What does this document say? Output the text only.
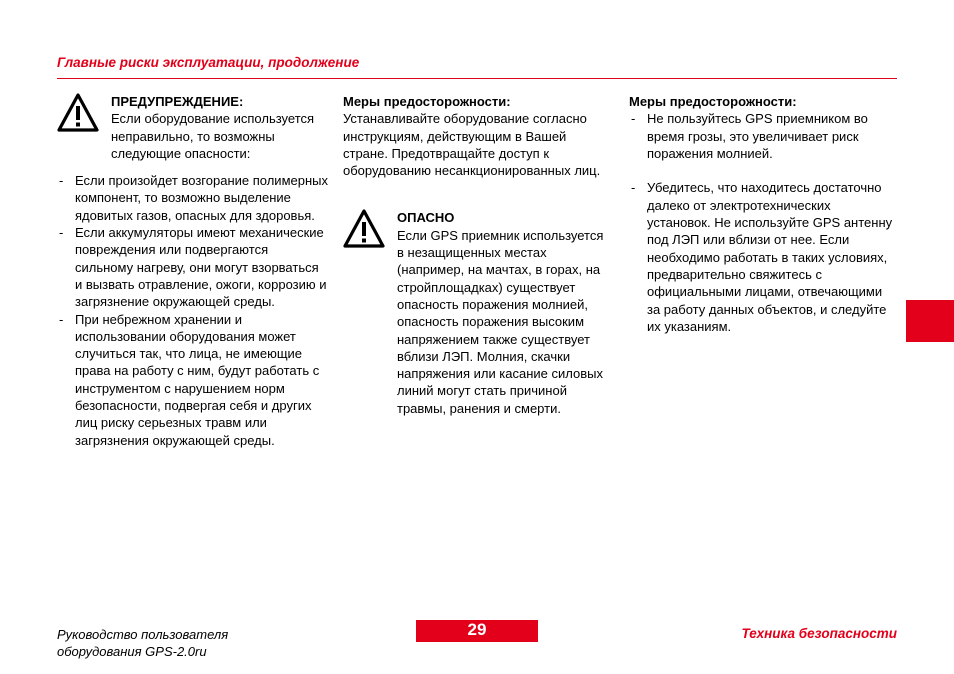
Главные риски эксплуатации, продолжение
ПРЕДУПРЕЖДЕНИЕ:
Если оборудование используется неправильно, то возможны следующие опасности:
- Если произойдет возгорание полимерных компонент, то возможно выделение ядовитых газов, опасных для здоровья.
- Если аккумуляторы имеют механические повреждения или подвергаются сильному нагреву, они могут взорваться и вызвать отравление, ожоги, коррозию и загрязнение окружающей среды.
- При небрежном хранении и использовании оборудования может случиться так, что лица, не имеющие права на работу с ним, будут работать с инструментом с нарушением норм безопасности, подвергая себя и других лиц риску серьезных травм или загрязнения окружающей среды.
Меры предосторожности:
Устанавливайте оборудование согласно инструкциям, действующим в Вашей стране. Предотвращайте доступ к оборудованию несанкционированных лиц.
ОПАСНО
Если GPS приемник используется в незащищенных местах (например, на мачтах, в горах, на стройплощадках) существует опасность поражения молнией, опасность поражения высоким напряжением также существует вблизи ЛЭП. Молния, скачки напряжения или касание силовых линий могут стать причиной травмы, ранения и смерти.
Меры предосторожности:
- Не пользуйтесь GPS приемником во время грозы, это увеличивает риск поражения молнией.
- Убедитесь, что находитесь достаточно далеко от электротехнических установок. Не используйте GPS антенну под ЛЭП или вблизи от нее. Если необходимо работать в таких условиях, предварительно свяжитесь с официальными лицами, отвечающими за работу данных объектов, и следуйте их указаниям.
Руководство пользователя
оборудования GPS-2.0ru
29	Техника безопасности
